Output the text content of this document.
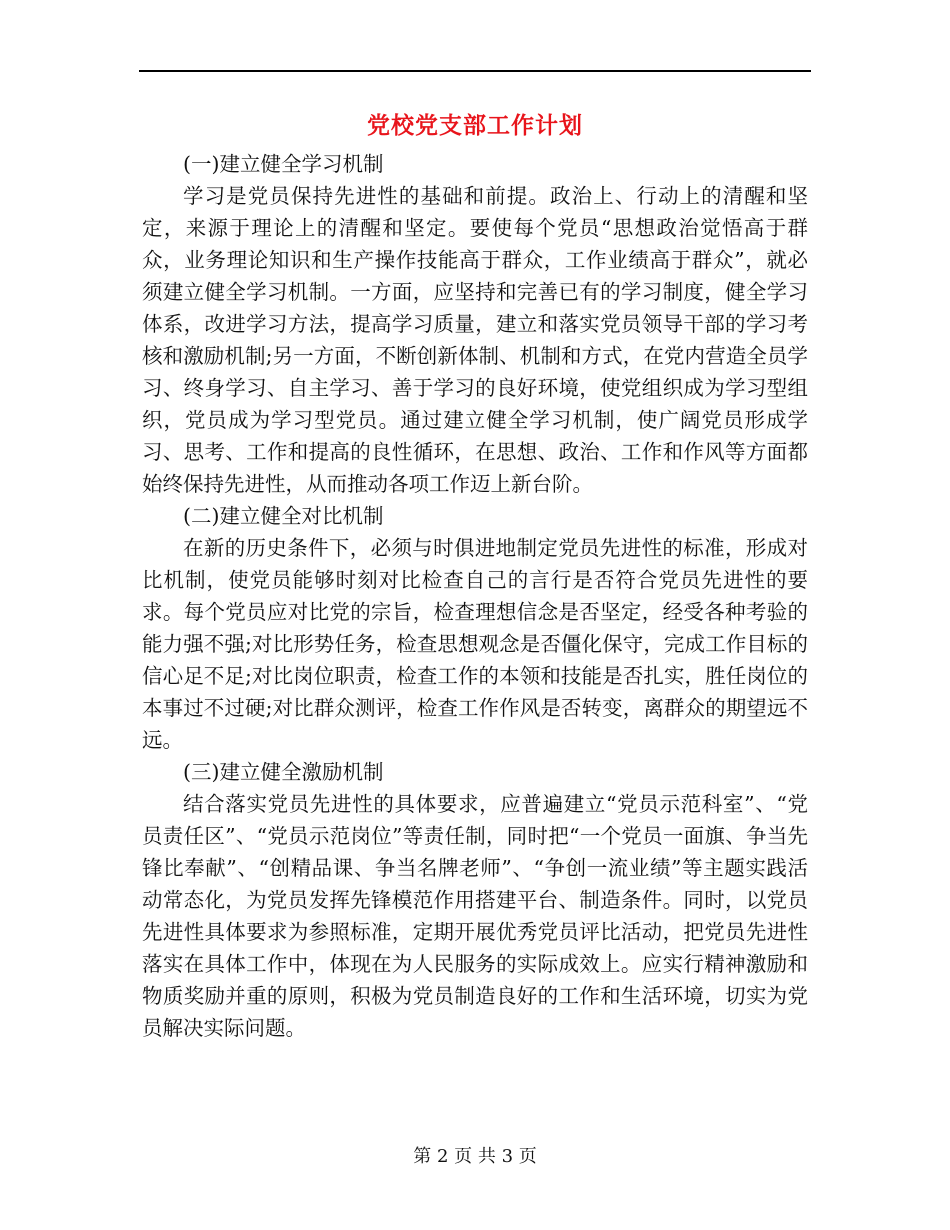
党校党支部工作计划

(一)建立健全学习机制

学习是党员保持先进性的基础和前提。政治上、行动上的清醒和坚定，来源于理论上的清醒和坚定。要使每个党员“思想政治觉悟高于群众，业务理论知识和生产操作技能高于群众，工作业绩高于群众”，就必须建立健全学习机制。一方面，应坚持和完善已有的学习制度，健全学习体系，改进学习方法，提高学习质量，建立和落实党员领导干部的学习考核和激励机制;另一方面，不断创新体制、机制和方式，在党内营造全员学习、终身学习、自主学习、善于学习的良好环境，使党组织成为学习型组织，党员成为学习型党员。通过建立健全学习机制，使广阔党员形成学习、思考、工作和提高的良性循环，在思想、政治、工作和作风等方面都始终保持先进性，从而推动各项工作迈上新台阶。

(二)建立健全对比机制

在新的历史条件下，必须与时俱进地制定党员先进性的标准，形成对比机制，使党员能够时刻对比检查自己的言行是否符合党员先进性的要求。每个党员应对比党的宗旨，检查理想信念是否坚定，经受各种考验的能力强不强;对比形势任务，检查思想观念是否僵化保守，完成工作目标的信心足不足;对比岗位职责，检查工作的本领和技能是否扎实，胜任岗位的本事过不过硬;对比群众测评，检查工作作风是否转变，离群众的期望远不远。

(三)建立健全激励机制

结合落实党员先进性的具体要求，应普遍建立“党员示范科室”、“党员责任区”、“党员示范岗位”等责任制，同时把“一个党员一面旗、争当先锋比奉献”、“创精品课、争当名牌老师”、“争创一流业绩”等主题实践活动常态化，为党员发挥先锋模范作用搭建平台、制造条件。同时，以党员先进性具体要求为参照标准，定期开展优秀党员评比活动，把党员先进性落实在具体工作中，体现在为人民服务的实际成效上。应实行精神激励和物质奖励并重的原则，积极为党员制造良好的工作和生活环境，切实为党员解决实际问题。

第 2 页 共 3 页
